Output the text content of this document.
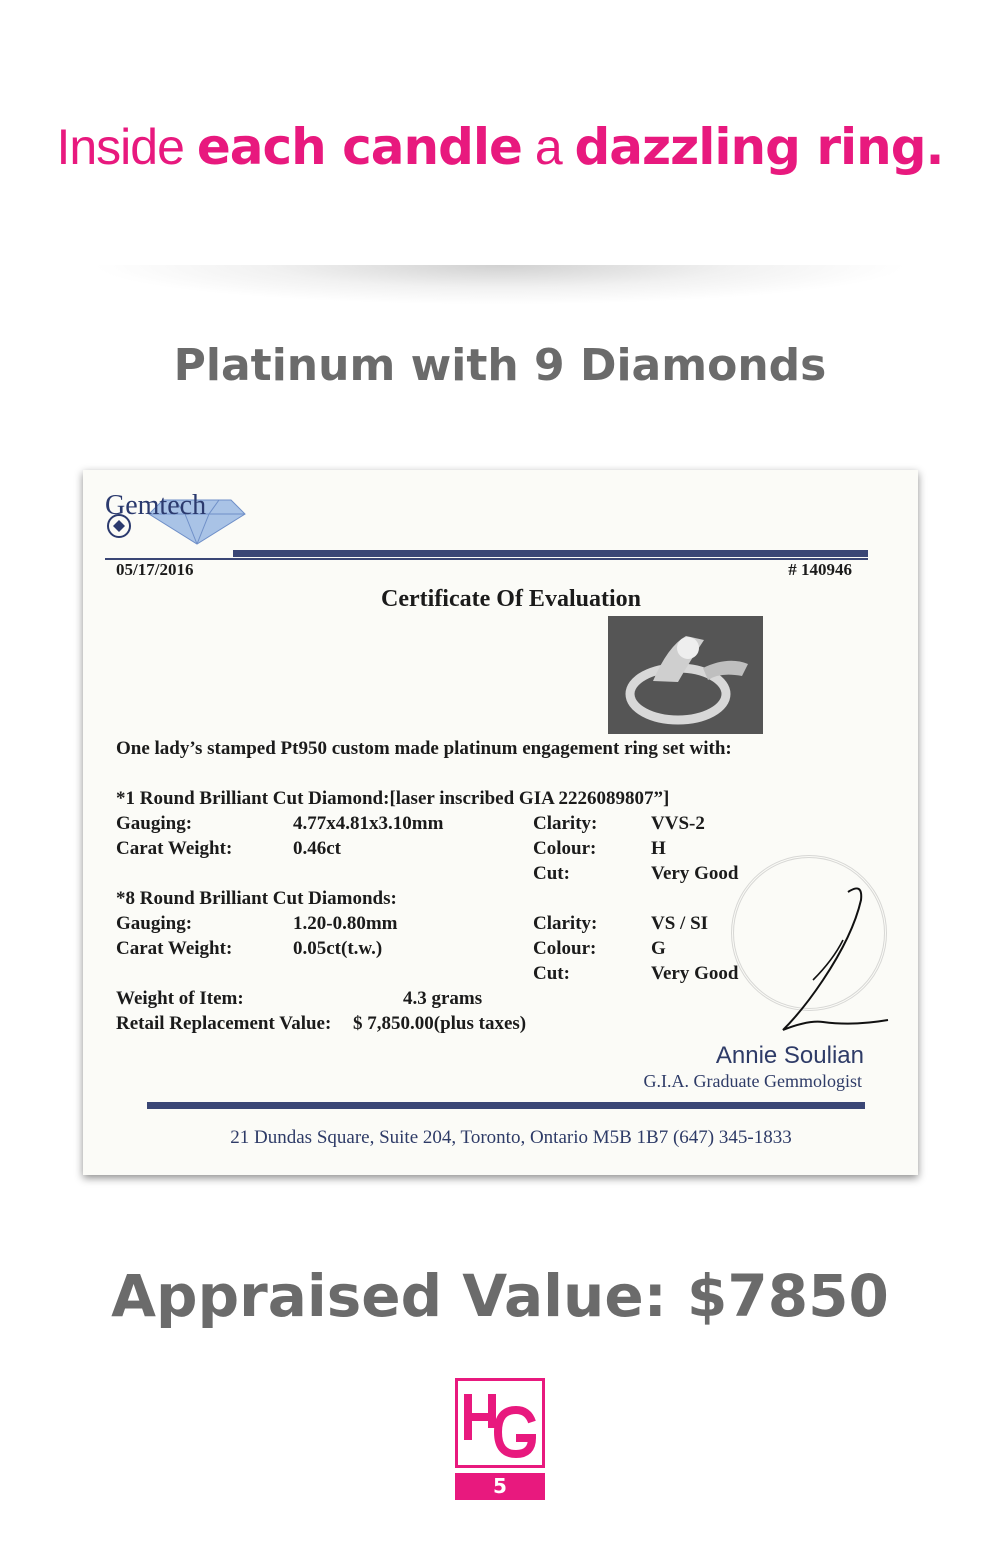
Inside each candle a dazzling ring.
Platinum with 9 Diamonds
Gemtech
05/17/2016	# 140946
Certificate Of Evaluation
One lady’s stamped Pt950 custom made platinum engagement ring set with:
*1 Round Brilliant Cut Diamond:[laser inscribed GIA 2226089807”]
Gauging:	4.77x4.81x3.10mm	Clarity:	VVS-2
Carat Weight:	0.46ct	Colour:	H
Cut:	Very Good
*8 Round Brilliant Cut Diamonds:
Gauging:	1.20-0.80mm	Clarity:	VS / SI
Carat Weight:	0.05ct(t.w.)	Colour:	G
Cut:	Very Good
Weight of Item:	4.3 grams
Retail Replacement Value: $ 7,850.00(plus taxes)
Annie Soulian
G.I.A. Graduate Gemmologist
21 Dundas Square, Suite 204, Toronto, Ontario M5B 1B7 (647) 345-1833
Appraised Value: $7850
5
